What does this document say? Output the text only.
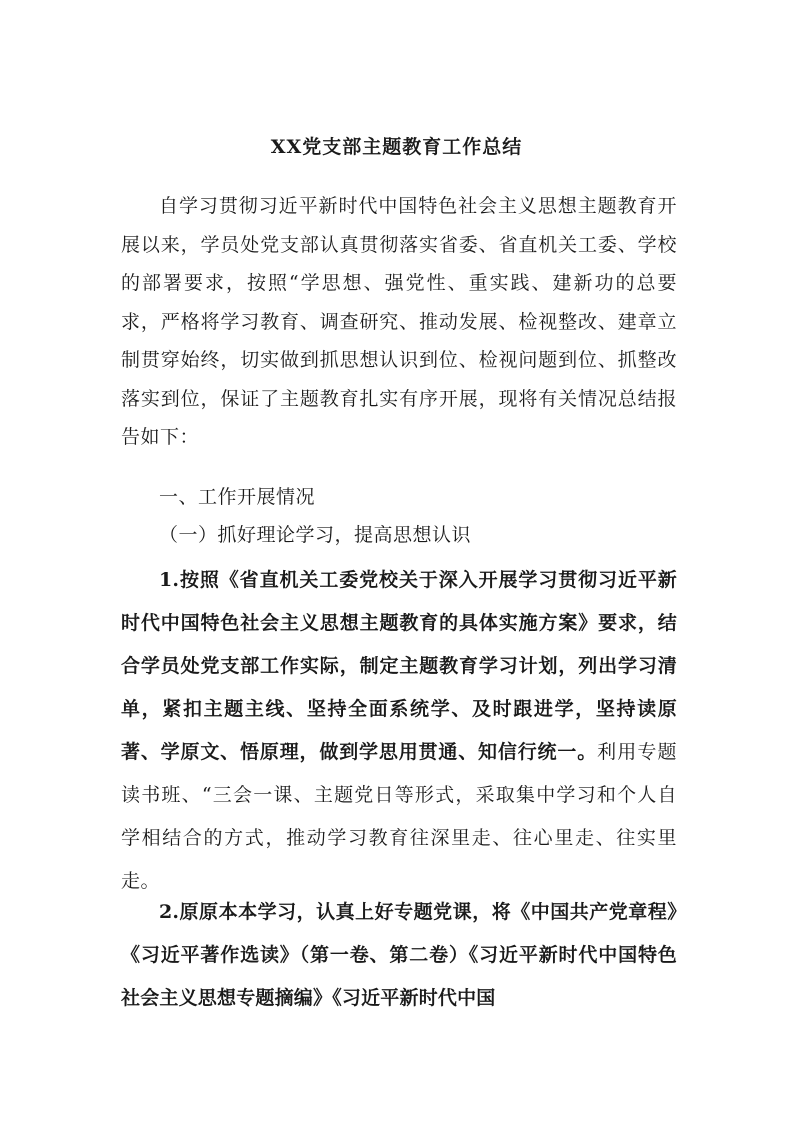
XX党支部主题教育工作总结

自学习贯彻习近平新时代中国特色社会主义思想主题教育开展以来，学员处党支部认真贯彻落实省委、省直机关工委、学校的部署要求，按照“学思想、强党性、重实践、建新功的总要求，严格将学习教育、调查研究、推动发展、检视整改、建章立制贯穿始终，切实做到抓思想认识到位、检视问题到位、抓整改落实到位，保证了主题教育扎实有序开展，现将有关情况总结报告如下：

一、工作开展情况

（一）抓好理论学习，提高思想认识

1.按照《省直机关工委党校关于深入开展学习贯彻习近平新时代中国特色社会主义思想主题教育的具体实施方案》要求，结合学员处党支部工作实际，制定主题教育学习计划，列出学习清单，紧扣主题主线、坚持全面系统学、及时跟进学，坚持读原著、学原文、悟原理，做到学思用贯通、知信行统一。利用专题读书班、“三会一课、主题党日等形式，采取集中学习和个人自学相结合的方式，推动学习教育往深里走、往心里走、往实里走。

2.原原本本学习，认真上好专题党课，将《中国共产党章程》《习近平著作选读》（第一卷、第二卷）《习近平新时代中国特色社会主义思想专题摘编》《习近平新时代中国
